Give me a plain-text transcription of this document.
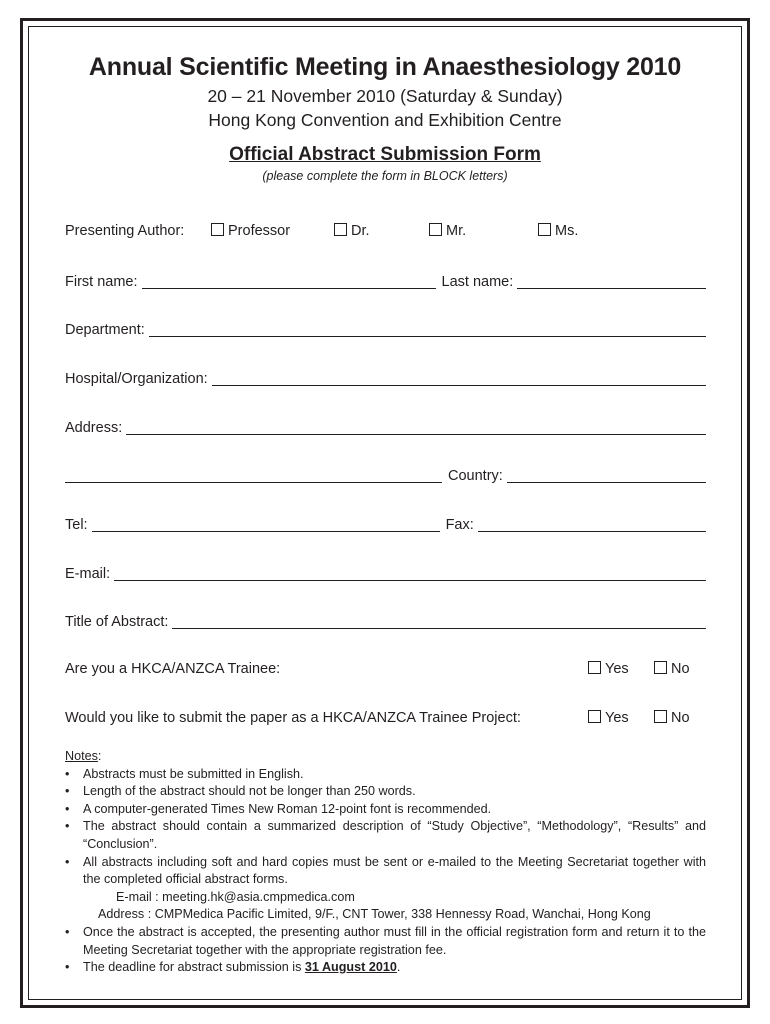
Annual Scientific Meeting in Anaesthesiology 2010
20 – 21 November 2010 (Saturday & Sunday)
Hong Kong Convention and Exhibition Centre
Official Abstract Submission Form
(please complete the form in BLOCK letters)
Presenting Author:	Professor	Dr.	Mr.	Ms.
First name:	Last name:
Department:
Hospital/Organization:
Address:
Country:
Tel:	Fax:
E-mail:
Title of Abstract:
Are you a HKCA/ANZCA Trainee:	Yes	No
Would you like to submit the paper as a HKCA/ANZCA Trainee Project:	Yes	No
Notes:
• Abstracts must be submitted in English.
• Length of the abstract should not be longer than 250 words.
• A computer-generated Times New Roman 12-point font is recommended.
• The abstract should contain a summarized description of “Study Objective”, “Methodology”, “Results” and “Conclusion”.
• All abstracts including soft and hard copies must be sent or e-mailed to the Meeting Secretariat together with the completed official abstract forms.
E-mail : meeting.hk@asia.cmpmedica.com
Address : CMPMedica Pacific Limited, 9/F., CNT Tower, 338 Hennessy Road, Wanchai, Hong Kong
• Once the abstract is accepted, the presenting author must fill in the official registration form and return it to the Meeting Secretariat together with the appropriate registration fee.
• The deadline for abstract submission is 31 August 2010.
